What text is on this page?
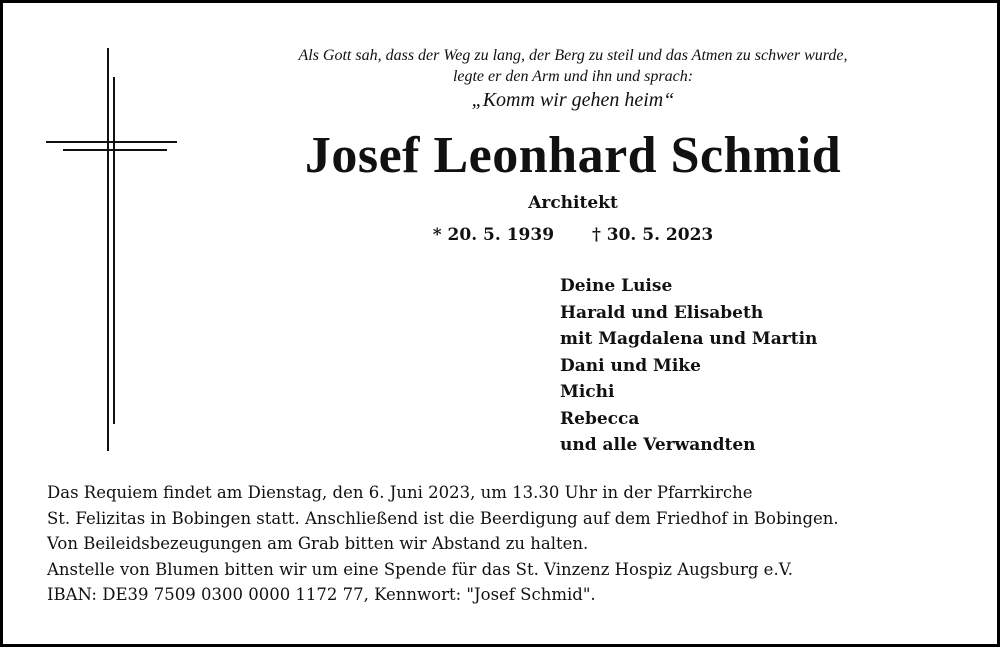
Als Gott sah, dass der Weg zu lang, der Berg zu steil und das Atmen zu schwer wurde,
legte er den Arm und ihn und sprach:
„Komm wir gehen heim“
Josef Leonhard Schmid
Architekt
* 20. 5. 1939 † 30. 5. 2023
Deine Luise
Harald und Elisabeth
mit Magdalena und Martin
Dani und Mike
Michi
Rebecca
und alle Verwandten
Das Requiem findet am Dienstag, den 6. Juni 2023, um 13.30 Uhr in der Pfarrkirche
St. Felizitas in Bobingen statt. Anschließend ist die Beerdigung auf dem Friedhof in Bobingen.
Von Beileidsbezeugungen am Grab bitten wir Abstand zu halten.
Anstelle von Blumen bitten wir um eine Spende für das St. Vinzenz Hospiz Augsburg e.V.
IBAN: DE39 7509 0300 0000 1172 77, Kennwort: "Josef Schmid".
